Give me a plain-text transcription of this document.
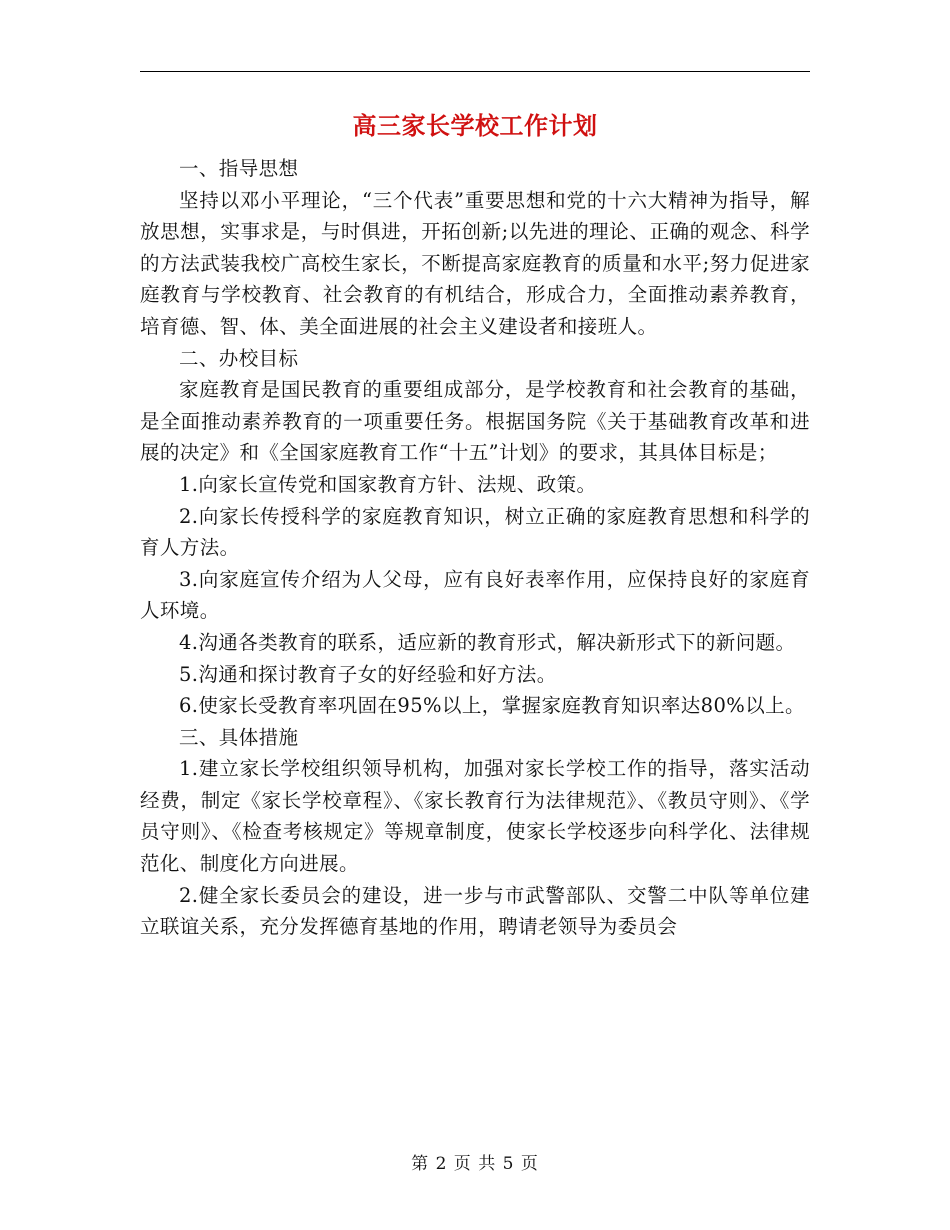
高三家长学校工作计划

一、指导思想

坚持以邓小平理论，“三个代表”重要思想和党的十六大精神为指导，解放思想，实事求是，与时俱进，开拓创新;以先进的理论、正确的观念、科学的方法武装我校广高校生家长，不断提高家庭教育的质量和水平;努力促进家庭教育与学校教育、社会教育的有机结合，形成合力，全面推动素养教育，培育德、智、体、美全面进展的社会主义建设者和接班人。

二、办校目标

家庭教育是国民教育的重要组成部分，是学校教育和社会教育的基础，是全面推动素养教育的一项重要任务。根据国务院《关于基础教育改革和进展的决定》和《全国家庭教育工作“十五”计划》的要求，其具体目标是；

1.向家长宣传党和国家教育方针、法规、政策。

2.向家长传授科学的家庭教育知识，树立正确的家庭教育思想和科学的育人方法。

3.向家庭宣传介绍为人父母，应有良好表率作用，应保持良好的家庭育人环境。

4.沟通各类教育的联系，适应新的教育形式，解决新形式下的新问题。

5.沟通和探讨教育子女的好经验和好方法。

6.使家长受教育率巩固在95%以上，掌握家庭教育知识率达80%以上。

三、具体措施

1.建立家长学校组织领导机构，加强对家长学校工作的指导，落实活动经费，制定《家长学校章程》、《家长教育行为法律规范》、《教员守则》、《学员守则》、《检查考核规定》等规章制度，使家长学校逐步向科学化、法律规范化、制度化方向进展。

2.健全家长委员会的建设，进一步与市武警部队、交警二中队等单位建立联谊关系，充分发挥德育基地的作用，聘请老领导为委员会

第 2 页 共 5 页
